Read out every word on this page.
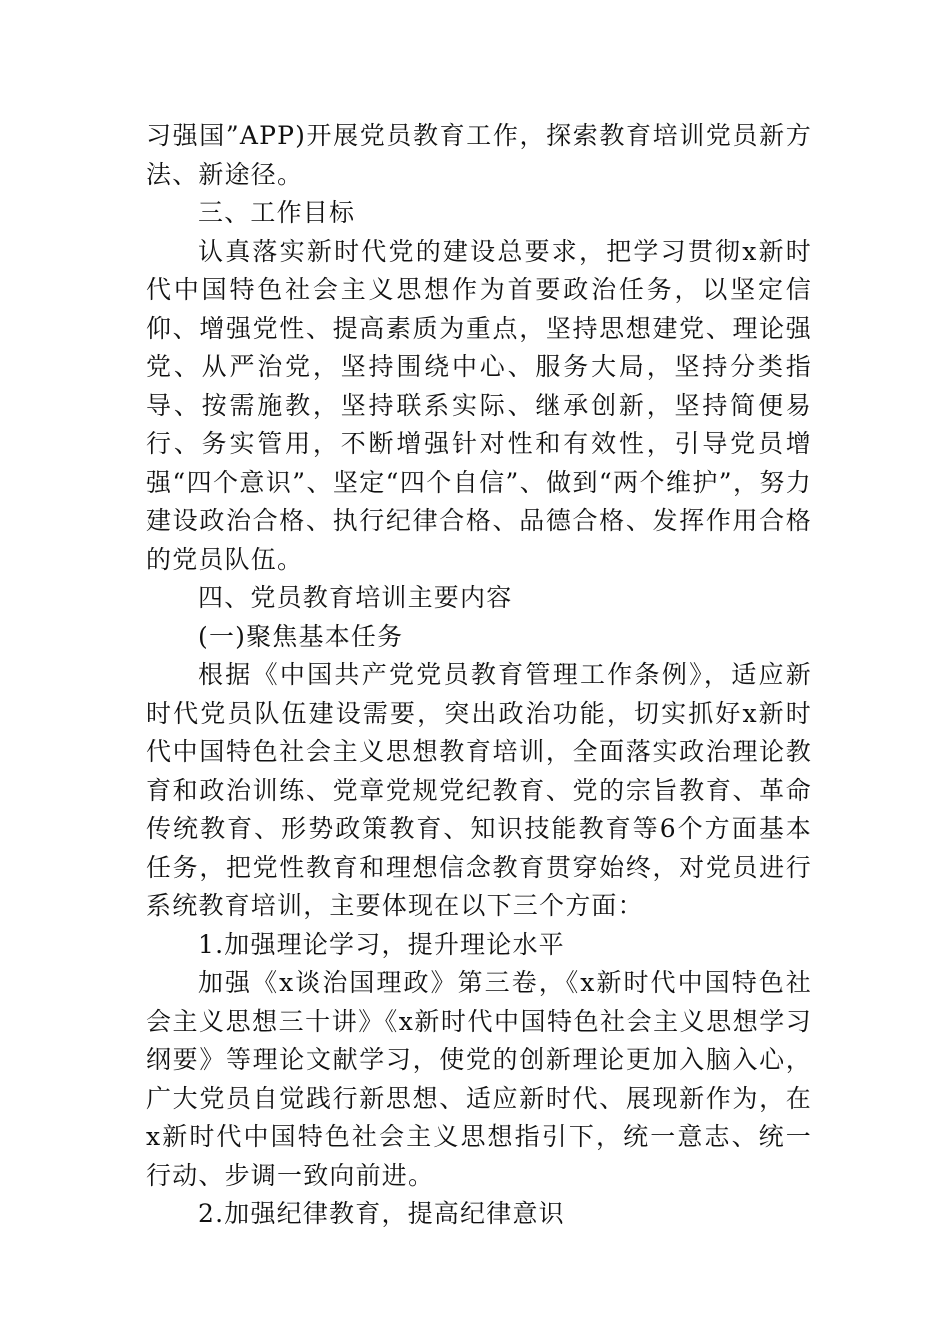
习强国”APP)开展党员教育工作，探索教育培训党员新方法、新途径。

三、工作目标

认真落实新时代党的建设总要求，把学习贯彻x新时代中国特色社会主义思想作为首要政治任务，以坚定信仰、增强党性、提高素质为重点，坚持思想建党、理论强党、从严治党，坚持围绕中心、服务大局，坚持分类指导、按需施教，坚持联系实际、继承创新，坚持简便易行、务实管用，不断增强针对性和有效性，引导党员增强“四个意识”、坚定“四个自信”、做到“两个维护”，努力建设政治合格、执行纪律合格、品德合格、发挥作用合格的党员队伍。

四、党员教育培训主要内容

(一)聚焦基本任务

根据《中国共产党党员教育管理工作条例》，适应新时代党员队伍建设需要，突出政治功能，切实抓好x新时代中国特色社会主义思想教育培训，全面落实政治理论教育和政治训练、党章党规党纪教育、党的宗旨教育、革命传统教育、形势政策教育、知识技能教育等6个方面基本任务，把党性教育和理想信念教育贯穿始终，对党员进行系统教育培训，主要体现在以下三个方面：

1.加强理论学习，提升理论水平

加强《x谈治国理政》第三卷，《x新时代中国特色社会主义思想三十讲》《x新时代中国特色社会主义思想学习纲要》等理论文献学习，使党的创新理论更加入脑入心，广大党员自觉践行新思想、适应新时代、展现新作为，在x新时代中国特色社会主义思想指引下，统一意志、统一行动、步调一致向前进。

2.加强纪律教育，提高纪律意识
